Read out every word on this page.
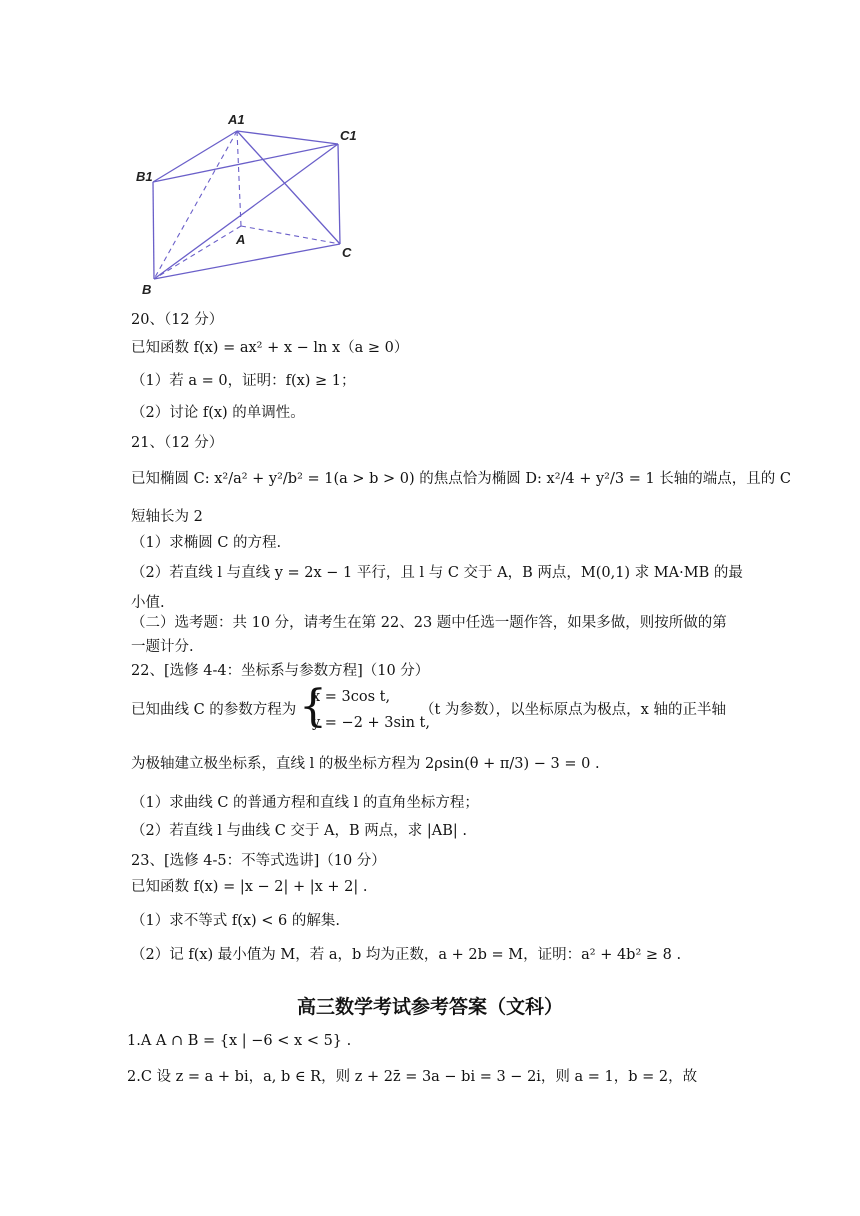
A1
C1
B1
A
C
B
20、（12 分）
已知函数 f(x) = ax² + x − ln x（a ≥ 0）
（1）若 a = 0，证明：f(x) ≥ 1；
（2）讨论 f(x) 的单调性。
21、（12 分）
已知椭圆 C: x²/a² + y²/b² = 1(a > b > 0) 的焦点恰为椭圆 D: x²/4 + y²/3 = 1 长轴的端点，且的 C
短轴长为 2
（1）求椭圆 C 的方程.
（2）若直线 l 与直线 y = 2x − 1 平行，且 l 与 C 交于 A，B 两点，M(0,1) 求 MA·MB 的最
小值.
（二）选考题：共 10 分，请考生在第 22、23 题中任选一题作答，如果多做，则按所做的第
一题计分.
22、[选修 4-4：坐标系与参数方程]（10 分）
已知曲线 C 的参数方程为 {
x = 3cos t,
y = −2 + 3sin t,
（t 为参数），以坐标原点为极点，x 轴的正半轴
为极轴建立极坐标系，直线 l 的极坐标方程为 2ρsin(θ + π/3) − 3 = 0 .
（1）求曲线 C 的普通方程和直线 l 的直角坐标方程；
（2）若直线 l 与曲线 C 交于 A，B 两点，求 |AB| .
23、[选修 4-5：不等式选讲]（10 分）
已知函数 f(x) = |x − 2| + |x + 2| .
（1）求不等式 f(x) < 6 的解集.
（2）记 f(x) 最小值为 M，若 a，b 均为正数，a + 2b = M，证明：a² + 4b² ≥ 8 .
高三数学考试参考答案（文科）
1.A A ∩ B = {x | −6 < x < 5} .
2.C 设 z = a + bi，a, b ∈ R，则 z + 2z̄ = 3a − bi = 3 − 2i，则 a = 1，b = 2，故
